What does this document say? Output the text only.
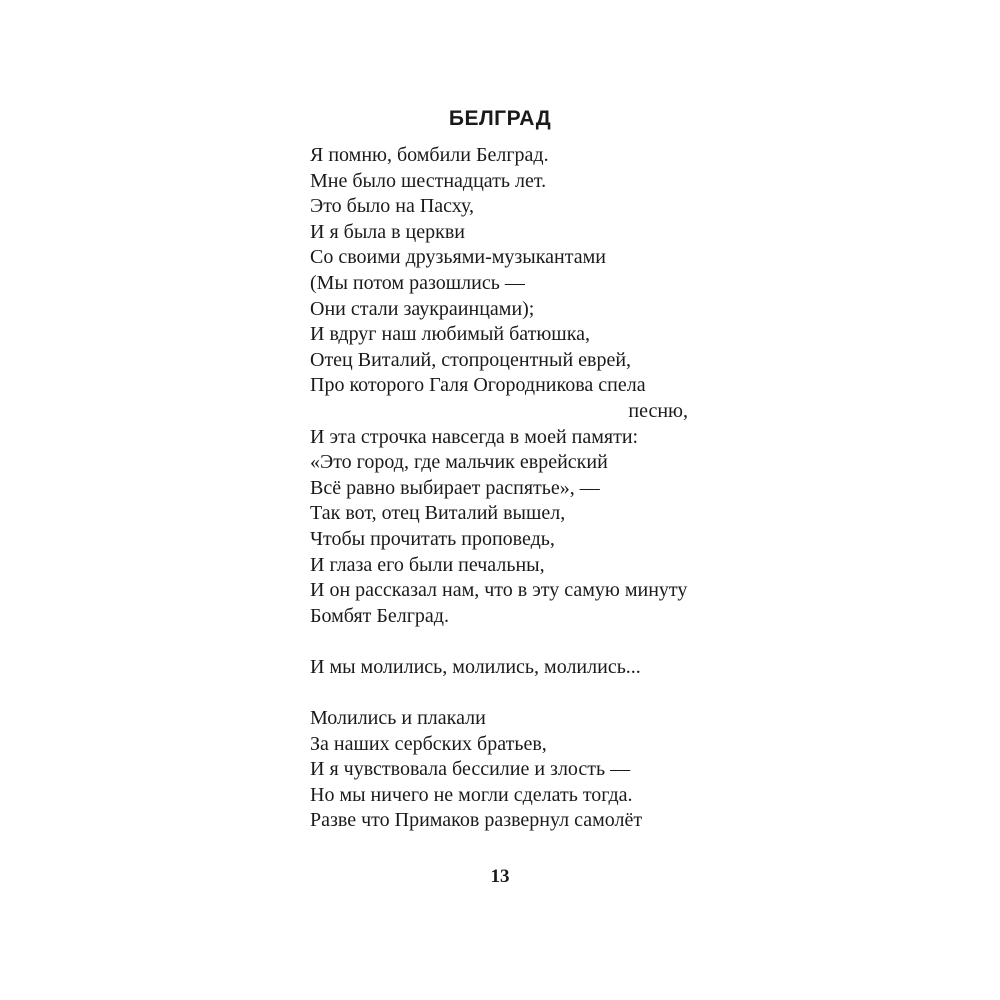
БЕЛГРАД
Я помню, бомбили Белград.
Мне было шестнадцать лет.
Это было на Пасху,
И я была в церкви
Со своими друзьями-музыкантами
(Мы потом разошлись —
Они стали заукраинцами);
И вдруг наш любимый батюшка,
Отец Виталий, стопроцентный еврей,
Про которого Галя Огородникова спела
песню,
И эта строчка навсегда в моей памяти:
«Это город, где мальчик еврейский
Всё равно выбирает распятье», —
Так вот, отец Виталий вышел,
Чтобы прочитать проповедь,
И глаза его были печальны,
И он рассказал нам, что в эту самую минуту
Бомбят Белград.
И мы молились, молились, молились...
Молились и плакали
За наших сербских братьев,
И я чувствовала бессилие и злость —
Но мы ничего не могли сделать тогда.
Разве что Примаков развернул самолёт
13
